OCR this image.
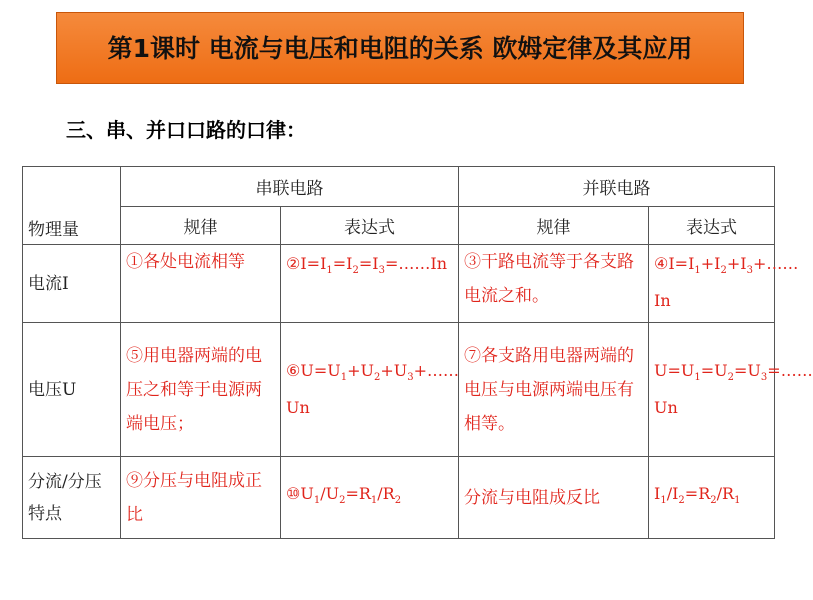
第1课时 电流与电压和电阻的关系 欧姆定律及其应用
三、串、并口口路的口律：
物理量	串联电路		并联电路	
	规律	表达式	规律	表达式
电流I	①各处电流相等	$②I=I_1=I_2=I_3=\dots\dots In$	③干路电流等于各支路电流之和。	$④I=I_1+I_2+I_3+\dots\dots In$
电压U	⑤用电器两端的电压之和等于电源两端电压；	$⑥U=U_1+U_2+U_3+\dots\dots Un$	⑦各支路用电器两端的电压与电源两端电压有相等。	$U=U_1=U_2=U_3=\dots\dots Un$
分流/分压特点	⑨分压与电阻成正比	$⑩U_1/U_2=R_1/R_2$	分流与电阻成反比	$I_1/I_2=R_2/R_1$
